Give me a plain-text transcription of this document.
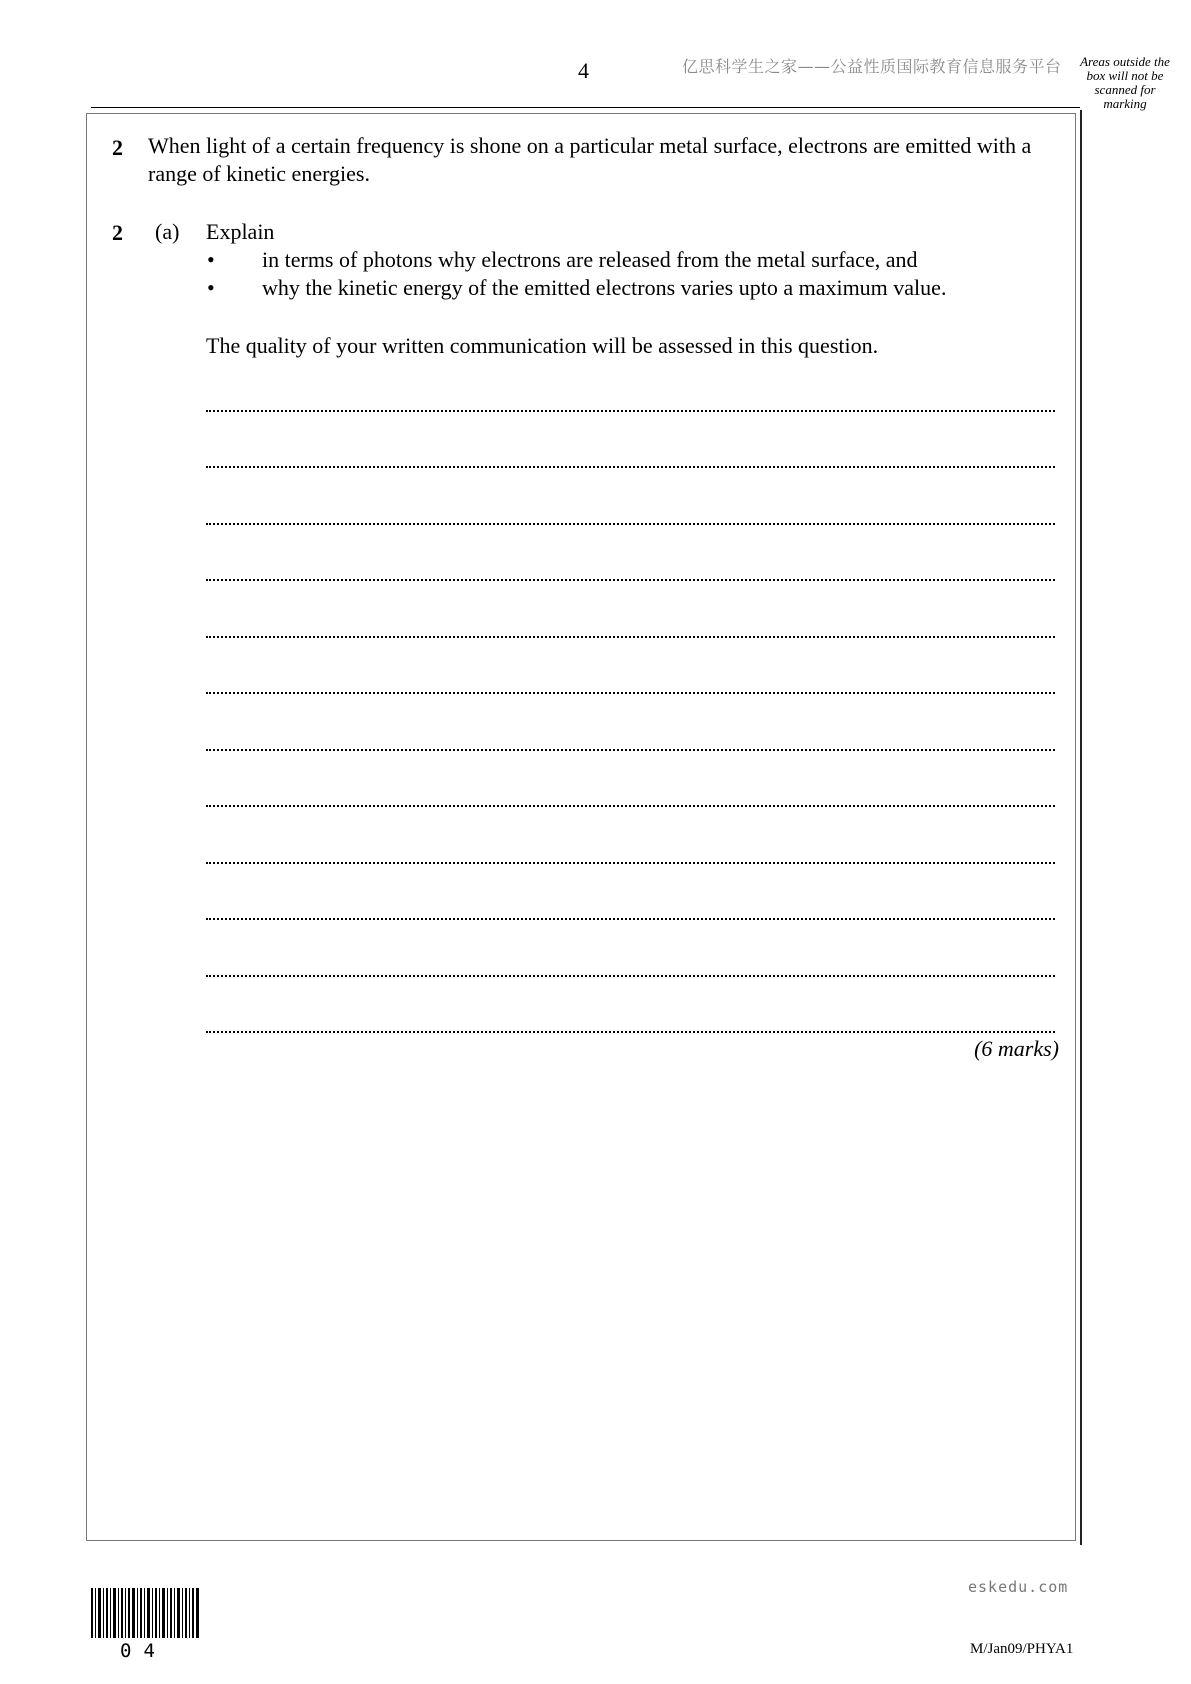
4	亿思科学生之家——公益性质国际教育信息服务平台	Areas outside the box will not be scanned for marking
2 When light of a certain frequency is shone on a particular metal surface, electrons are emitted with a range of kinetic energies.
2 (a) Explain
• in terms of photons why electrons are released from the metal surface, and
• why the kinetic energy of the emitted electrons varies upto a maximum value.
The quality of your written communication will be assessed in this question.
(6 marks)
04
eskedu.com
M/Jan09/PHYA1
